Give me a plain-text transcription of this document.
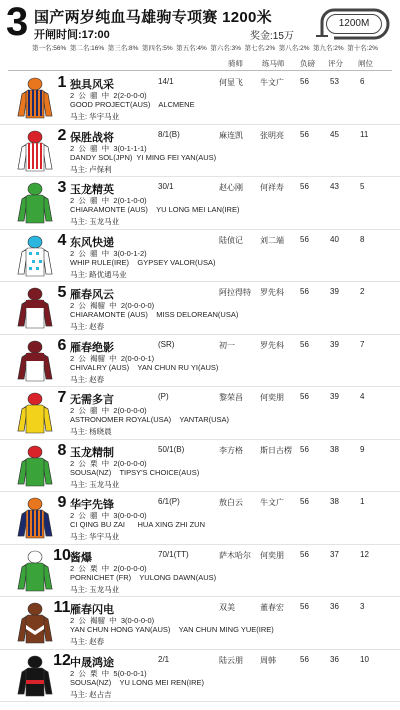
3 国产两岁纯血马雄驹专项赛 1200米
开闸时间:17:00	奖金:15万
1200M
第一名:56% 第二名:16% 第三名:8% 第四名:5% 第五名:4% 第六名:3% 第七名:2% 第八名:2% 第九名:2% 第十名:2%
骑师	练马师 负磅 评分 闸位
1 独具风采	14/1	何显飞 牛文广 56	53	6
2  公  骝  中  2(2-0-0-0)
GOOD PROJECT(AUS)    ALCMENE
马主: 华宇马业
2 保胜战将	8/1(B)	麻连凯 张明亮 56	45	11
2  公  骝  中  3(0-1-1-1)
DANDY SOL(JPN)  YI MING FEI YAN(AUS)
马主: 卢保利
3 玉龙精英	30/1	赵心刚 何祥寿 56	43	5
2  公  骝  中  2(0-1-0-0)
CHIARAMONTE (AUS)    YU LONG MEI LAN(IRE)
马主: 玉龙马业
4 东风快递	陆侦记 刘二端 56	40	8
2  公  骝  中  3(0-0-1-2)
WHIP RULE(IRE)    GYPSEY VALOR(USA)
马主: 路优通马业
5 雁春风云	阿拉得特 罗先科 56	39	2
2  公  褐骝  中  2(0-0-0-0)
CHIARAMONTE (AUS)    MISS DELOREAN(USA)
马主: 赵春
6 雁春绝影	(SR)	初一	罗先科 56	39	7
2  公  褐骝  中  2(0-0-0-1)
CHIVALRY (AUS)    YAN CHUN RU YI(AUS)
马主: 赵春
7 无需多言	(P)	黎荣昌 何奕朋 56	39	4
2  公  骝  中  2(0-0-0-0)
ASTRONOMER ROYAL(USA)    YANTAR(USA)
马主: 杨晓晨
8 玉龙精制	50/1(B)	李方格 斯日古楞 56	38	9
2  公  栗  中  2(0-0-0-0)
SOUSA(NZ)    TIPSY'S CHOICE(AUS)
马主: 玉龙马业
9 华宇先锋	6/1(P)	敖白云 牛文广 56	38	1
2  公  骝  中  3(0-0-0-0)
CI QING BU ZAI      HUA XING ZHI ZUN
马主: 华宇马业
10 酱爆	70/1(TT)	萨木哈尔 何奕朋 56	37	12
2  公  栗  中  2(0-0-0-0)
PORNICHET (FR)    YULONG DAWN(AUS)
马主: 玉龙马业
11 雁春闪电	双美	董春宏 56	36	3
2  公  褐骝  中  3(0-0-0-0)
YAN CHUN HONG YAN(AUS)    YAN CHUN MING YUE(IRE)
马主: 赵春
12 中晟鸿途	2/1	陆云朋 周韩	56	36	10
2  公  栗  中  5(0-0-0-1)
SOUSA(NZ)    YU LONG MEI REN(IRE)
马主: 赵占吉
